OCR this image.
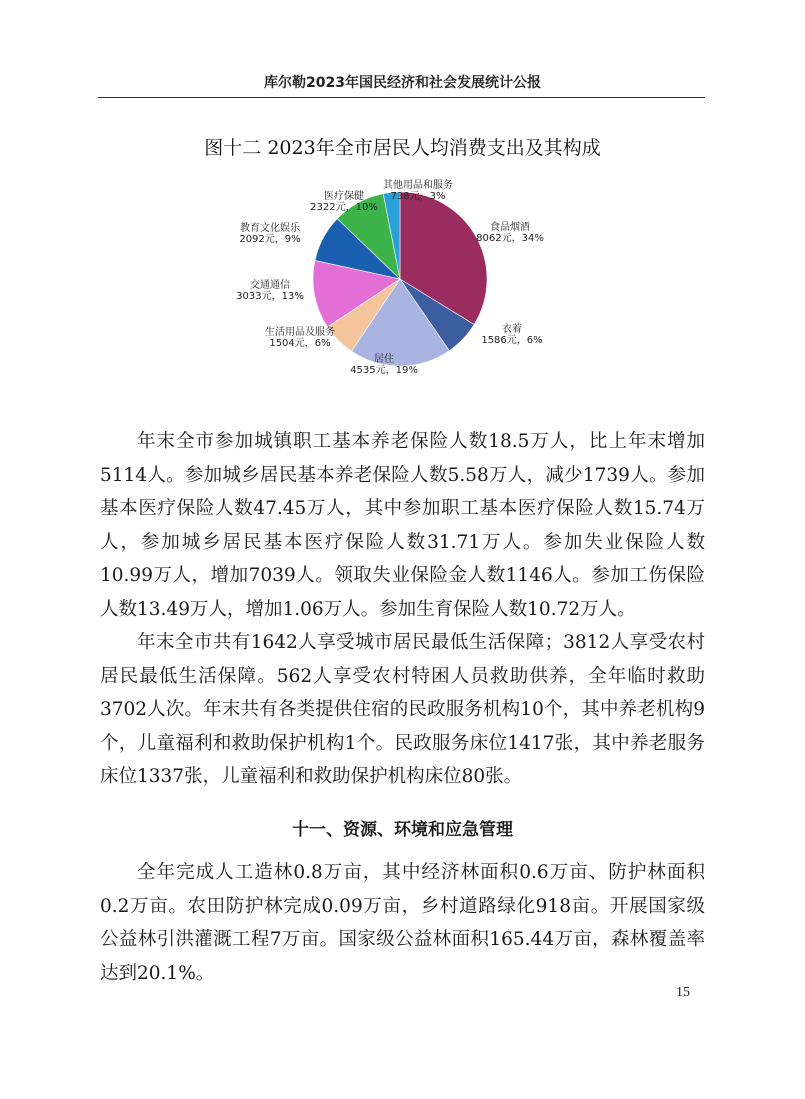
库尔勒2023年国民经济和社会发展统计公报
图十二 2023年全市居民人均消费支出及其构成
食品烟酒
8062元，34%
衣着
1586元，6%
居住
4535元，19%
生活用品及服务
1504元，6%
交通通信
3033元，13%
教育文化娱乐
2092元，9%
医疗保健
2322元，10%
其他用品和服务
738元，3%

年末全市参加城镇职工基本养老保险人数18.5万人，比上年末增加5114人。参加城乡居民基本养老保险人数5.58万人，减少1739人。参加基本医疗保险人数47.45万人，其中参加职工基本医疗保险人数15.74万人，参加城乡居民基本医疗保险人数31.71万人。参加失业保险人数10.99万人，增加7039人。领取失业保险金人数1146人。参加工伤保险人数13.49万人，增加1.06万人。参加生育保险人数10.72万人。

年末全市共有1642人享受城市居民最低生活保障；3812人享受农村居民最低生活保障。562人享受农村特困人员救助供养，全年临时救助3702人次。年末共有各类提供住宿的民政服务机构10个，其中养老机构9个，儿童福利和救助保护机构1个。民政服务床位1417张，其中养老服务床位1337张，儿童福利和救助保护机构床位80张。

十一、资源、环境和应急管理

全年完成人工造林0.8万亩，其中经济林面积0.6万亩、防护林面积0.2万亩。农田防护林完成0.09万亩，乡村道路绿化918亩。开展国家级公益林引洪灌溉工程7万亩。国家级公益林面积165.44万亩，森林覆盖率达到20.1%。

15
